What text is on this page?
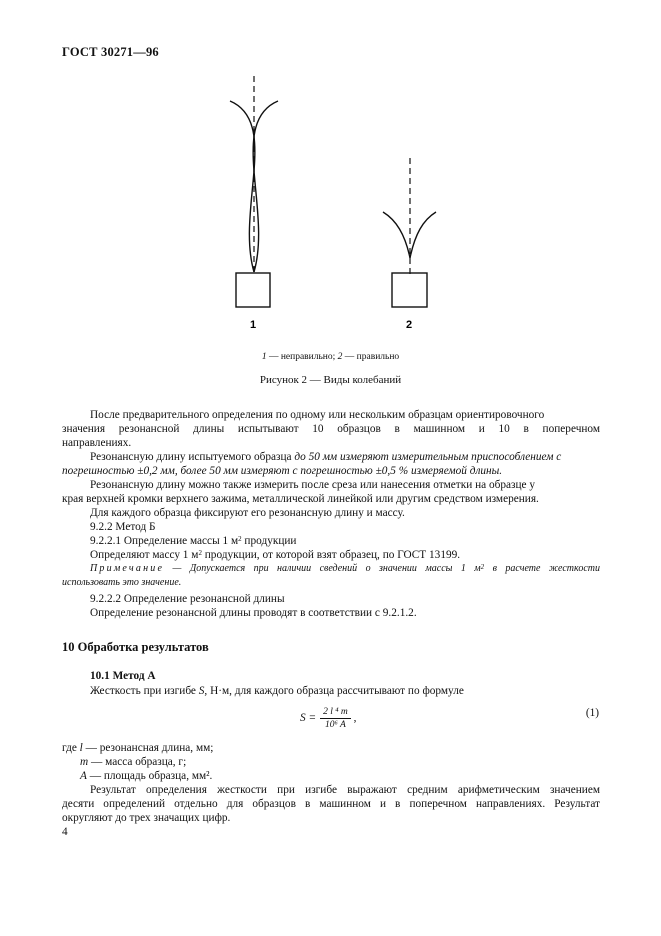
ГОСТ 30271—96
1	2
1 — неправильно; 2 — правильно
Рисунок 2 — Виды колебаний
После предварительного определения по одному или нескольким образцам ориентировочного
значения резонансной длины испытывают 10 образцов в машинном и 10 в поперечном
направлениях.
Резонансную длину испытуемого образца до 50 мм измеряют измерительным приспособлением с
погрешностью ±0,2 мм, более 50 мм измеряют с погрешностью ±0,5 % измеряемой длины.
Резонансную длину можно также измерить после среза или нанесения отметки на образце у
края верхней кромки верхнего зажима, металлической линейкой или другим средством измерения.
Для каждого образца фиксируют его резонансную длину и массу.
9.2.2 Метод Б
9.2.2.1 Определение массы 1 $м^2$ продукции
Определяют массу 1 $м^2$ продукции, от которой взят образец, по ГОСТ 13199.
Примечание — Допускается при наличии сведений о значении массы 1 $м^2$ в расчете жесткости
использовать это значение.
9.2.2.2 Определение резонансной длины
Определение резонансной длины проводят в соответствии с 9.2.1.2.
10 Обработка результатов
10.1 Метод А
Жесткость при изгибе S, Н·м, для каждого образца рассчитывают по формуле
$S = \frac{\text{2 l ⁴ m}}{\text{10⁶ A}}$ ,	(1)
где l — резонансная длина, мм;
m — масса образца, г;
A — площадь образца, мм².
Результат определения жесткости при изгибе выражают средним арифметическим значением
десяти определений отдельно для образцов в машинном и в поперечном направлениях. Результат
округляют до трех значащих цифр.
4
